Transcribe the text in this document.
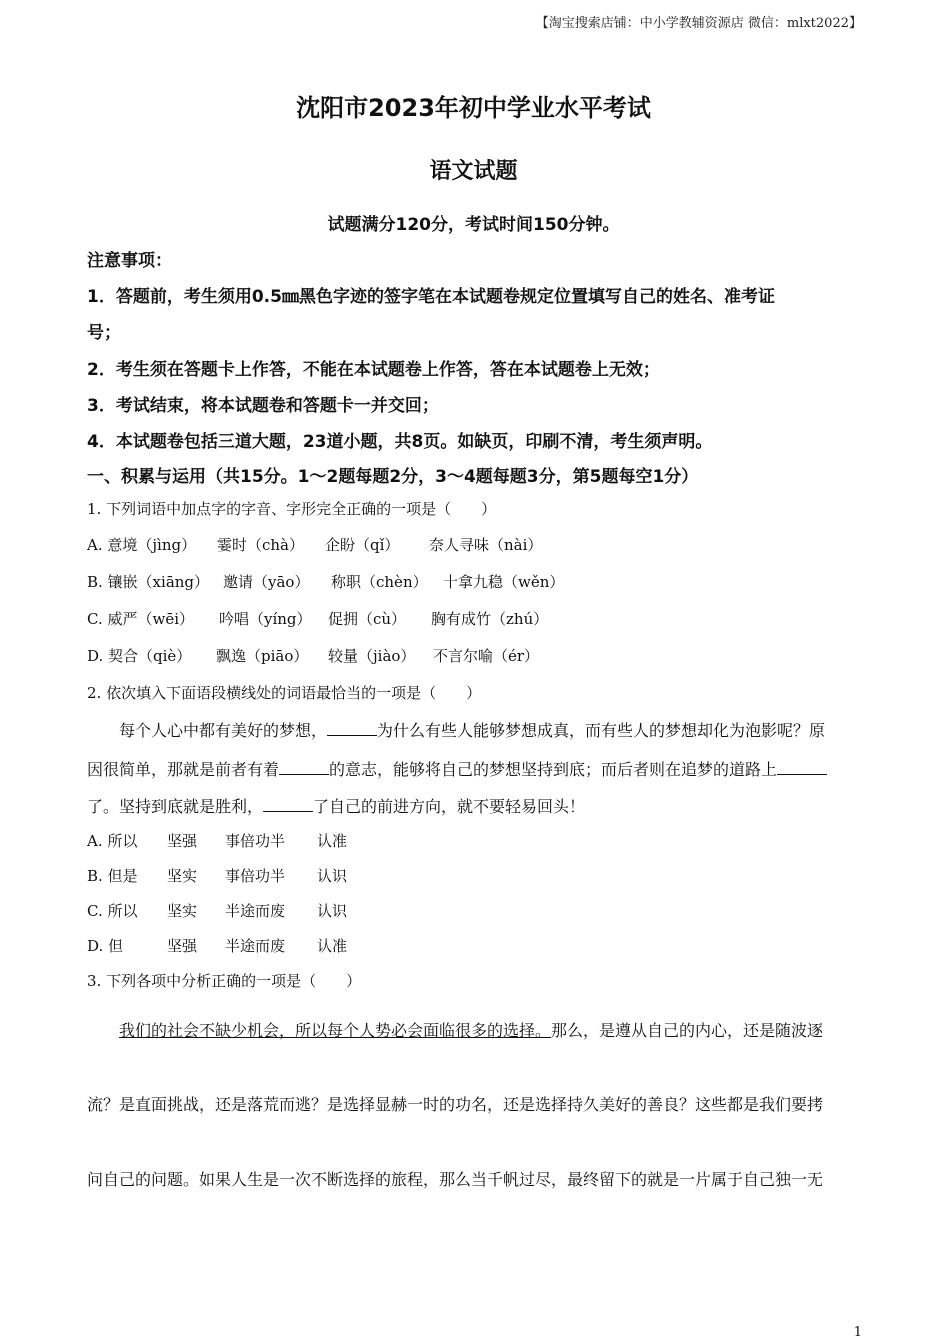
【淘宝搜索店铺：中小学教辅资源店 微信：mlxt2022】
沈阳市2023年初中学业水平考试
语文试题
试题满分120分，考试时间150分钟。
注意事项：
1．答题前，考生须用0.5㎜黑色字迹的签字笔在本试题卷规定位置填写自己的姓名、准考证
号；
2．考生须在答题卡上作答，不能在本试题卷上作答，答在本试题卷上无效；
3．考试结束，将本试题卷和答题卡一并交回；
4．本试题卷包括三道大题，23道小题，共8页。如缺页，印刷不清，考生须声明。
一、积累与运用（共15分。1～2题每题2分，3～4题每题3分，第5题每空1分）
1. 下列词语中加点字的字音、字形完全正确的一项是（　　）
A. 意境（jìng） 霎时（chà） 企盼（qǐ） 奈人寻味（nài）
B. 镶嵌（xiāng） 邀请（yāo） 称职（chèn） 十拿九稳（wěn）
C. 威严（wēi） 吟唱（yíng） 促拥（cù） 胸有成竹（zhú）
D. 契合（qiè） 飘逸（piāo） 较量（jiào） 不言尔喻（ér）
2. 依次填入下面语段横线处的词语最恰当的一项是（　　）
每个人心中都有美好的梦想，	为什么有些人能够梦想成真，而有些人的梦想却化为泡影呢？原
因很简单，那就是前者有着	的意志，能够将自己的梦想坚持到底；而后者则在追梦的道路上
了。坚持到底就是胜利，	了自己的前进方向，就不要轻易回头！
A. 所以 坚强 事倍功半 认准
B. 但是 坚实 事倍功半 认识
C. 所以 坚实 半途而废 认识
D. 但	坚强 半途而废 认准
3. 下列各项中分析正确的一项是（　　）
我们的社会不缺少机会，所以每个人势必会面临很多的选择。那么，是遵从自己的内心，还是随波逐
流？是直面挑战，还是落荒而逃？是选择显赫一时的功名，还是选择持久美好的善良？这些都是我们要拷
问自己的问题。如果人生是一次不断选择的旅程，那么当千帆过尽，最终留下的就是一片属于自己独一无
1
